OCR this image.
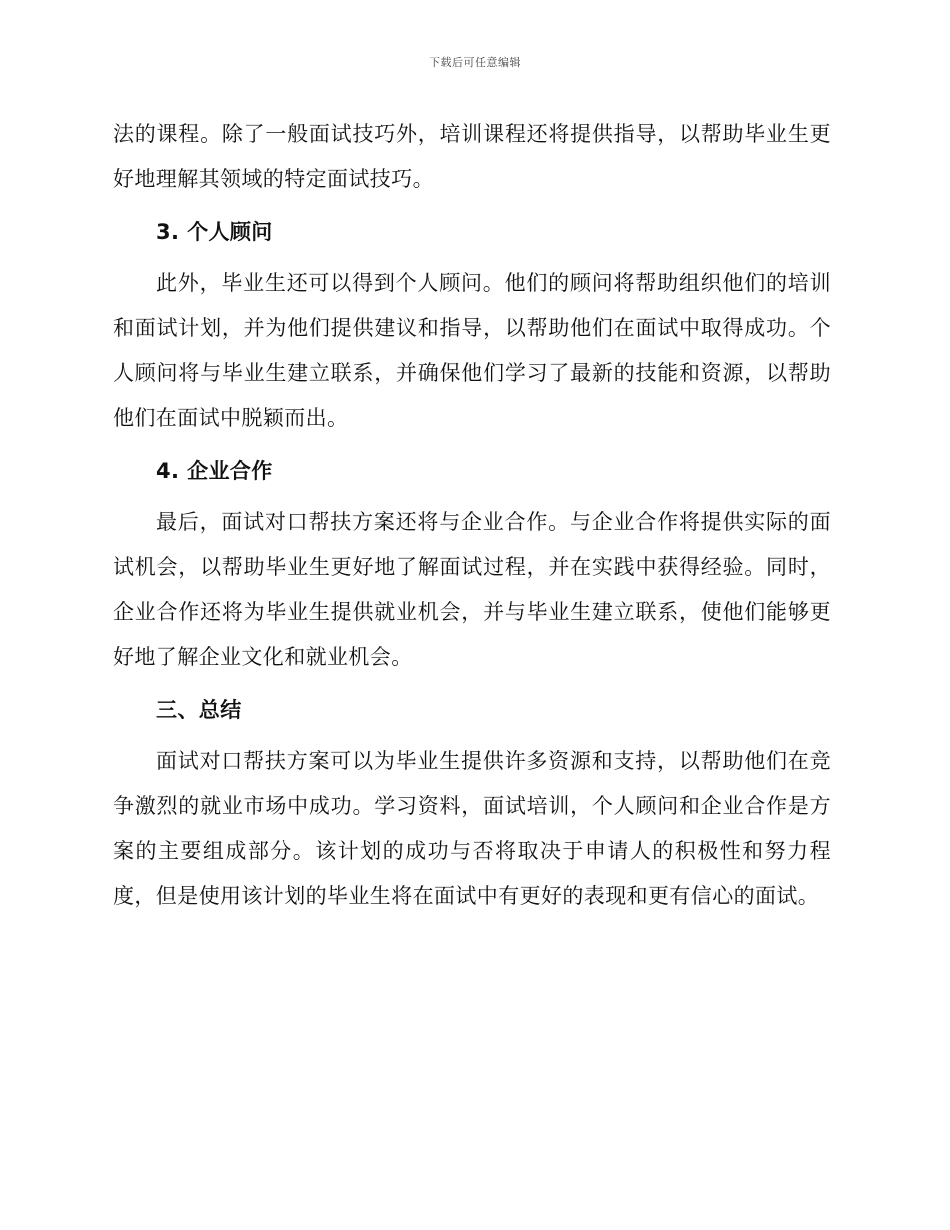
下载后可任意编辑

法的课程。除了一般面试技巧外，培训课程还将提供指导，以帮助毕业生更好地理解其领域的特定面试技巧。

3. 个人顾问

此外，毕业生还可以得到个人顾问。他们的顾问将帮助组织他们的培训和面试计划，并为他们提供建议和指导，以帮助他们在面试中取得成功。个人顾问将与毕业生建立联系，并确保他们学习了最新的技能和资源，以帮助他们在面试中脱颖而出。

4. 企业合作

最后，面试对口帮扶方案还将与企业合作。与企业合作将提供实际的面试机会，以帮助毕业生更好地了解面试过程，并在实践中获得经验。同时，企业合作还将为毕业生提供就业机会，并与毕业生建立联系，使他们能够更好地了解企业文化和就业机会。

三、总结

面试对口帮扶方案可以为毕业生提供许多资源和支持，以帮助他们在竞争激烈的就业市场中成功。学习资料，面试培训，个人顾问和企业合作是方案的主要组成部分。该计划的成功与否将取决于申请人的积极性和努力程度，但是使用该计划的毕业生将在面试中有更好的表现和更有信心的面试。
